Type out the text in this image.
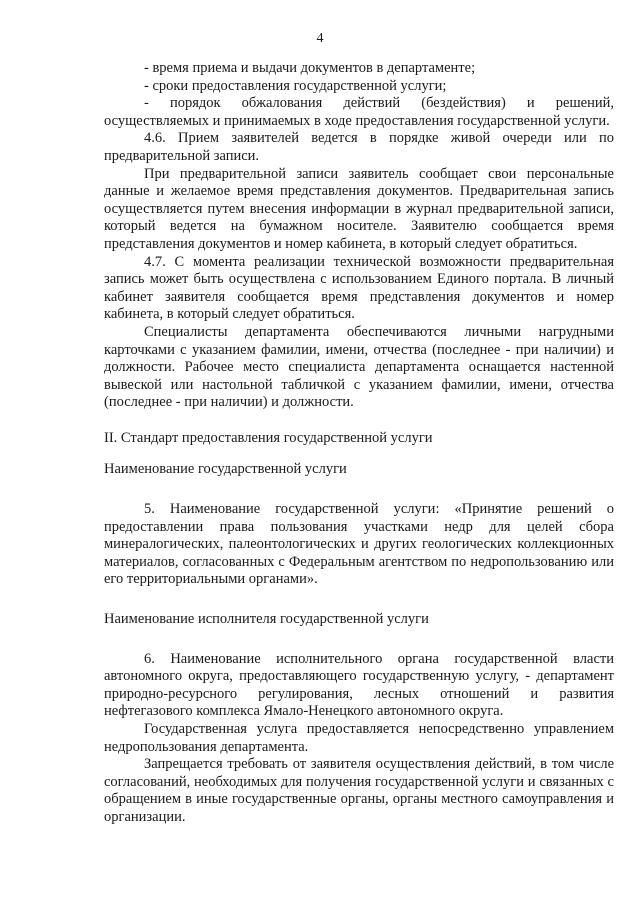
4

- время приема и выдачи документов в департаменте;

- сроки предоставления государственной услуги;

- порядок обжалования действий (бездействия) и решений, осуществляемых и принимаемых в ходе предоставления государственной услуги.

4.6. Прием заявителей ведется в порядке живой очереди или по предварительной записи.

При предварительной записи заявитель сообщает свои персональные данные и желаемое время представления документов. Предварительная запись осуществляется путем внесения информации в журнал предварительной записи, который ведется на бумажном носителе. Заявителю сообщается время представления документов и номер кабинета, в который следует обратиться.

4.7. С момента реализации технической возможности предварительная запись может быть осуществлена с использованием Единого портала. В личный кабинет заявителя сообщается время представления документов и номер кабинета, в который следует обратиться.

Специалисты департамента обеспечиваются личными нагрудными карточками с указанием фамилии, имени, отчества (последнее - при наличии) и должности. Рабочее место специалиста департамента оснащается настенной вывеской или настольной табличкой с указанием фамилии, имени, отчества (последнее - при наличии) и должности.

II. Стандарт предоставления государственной услуги

Наименование государственной услуги

5. Наименование государственной услуги: «Принятие решений о предоставлении права пользования участками недр для целей сбора минералогических, палеонтологических и других геологических коллекционных материалов, согласованных с Федеральным агентством по недропользованию или его территориальными органами».

Наименование исполнителя государственной услуги

6. Наименование исполнительного органа государственной власти автономного округа, предоставляющего государственную услугу, - департамент природно-ресурсного регулирования, лесных отношений и развития нефтегазового комплекса Ямало-Ненецкого автономного округа.

Государственная услуга предоставляется непосредственно управлением недропользования департамента.

Запрещается требовать от заявителя осуществления действий, в том числе согласований, необходимых для получения государственной услуги и связанных с обращением в иные государственные органы, органы местного самоуправления и организации.
